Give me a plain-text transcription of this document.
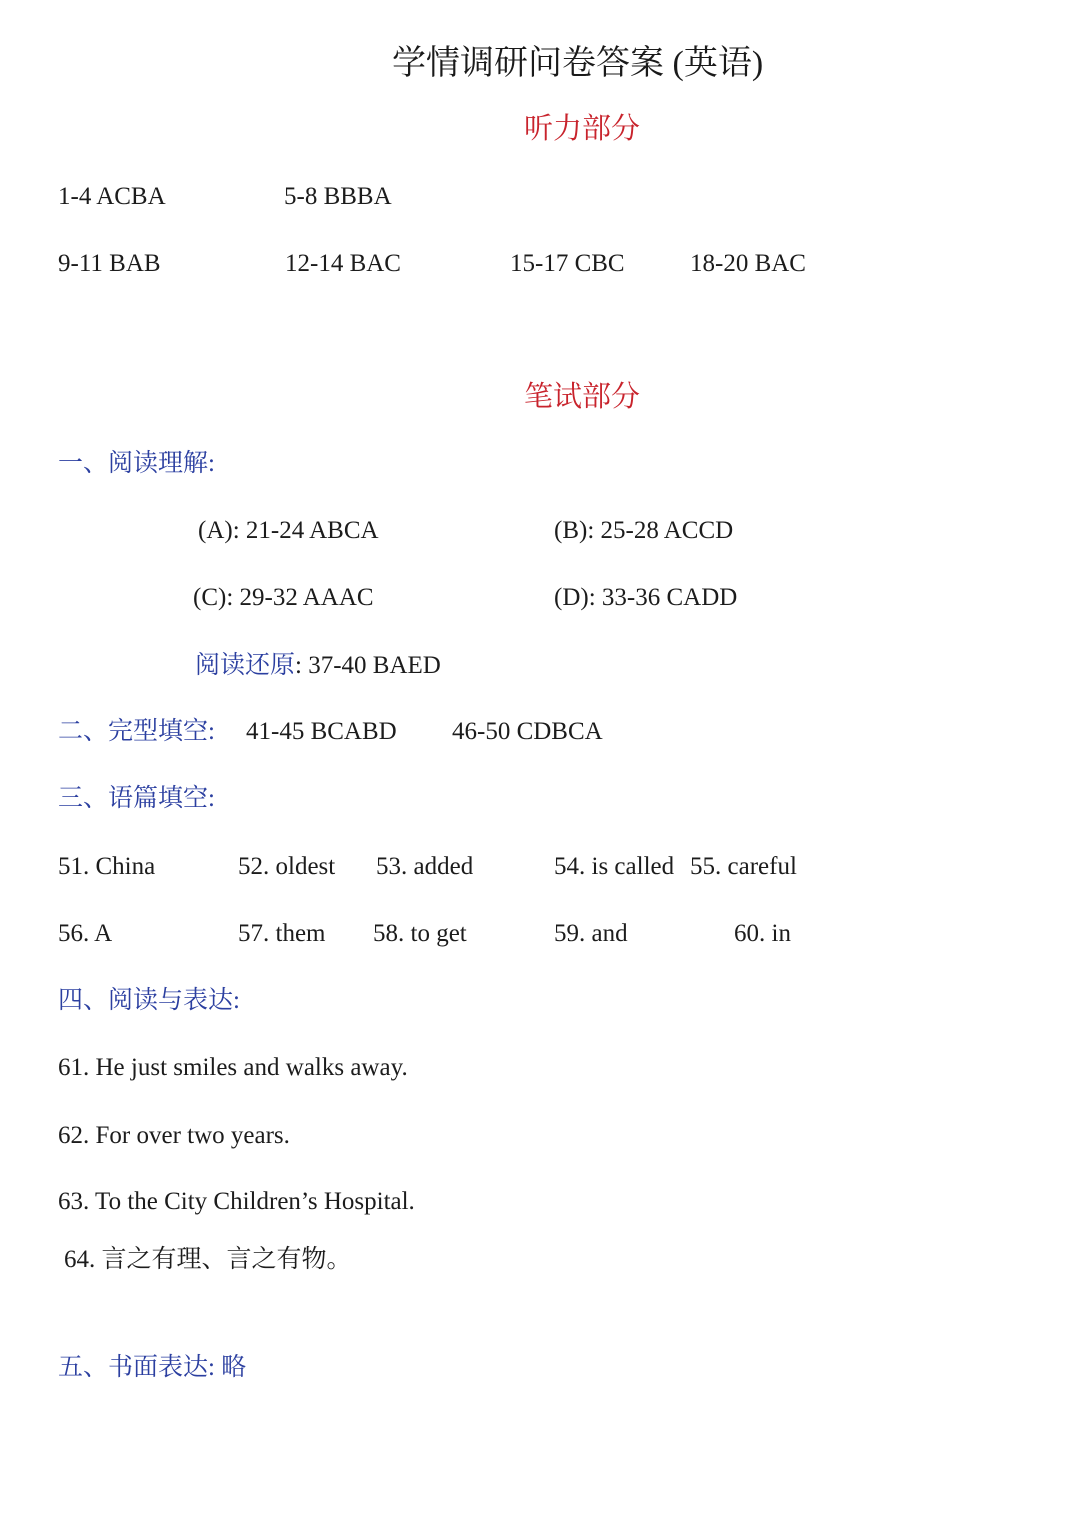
学情调研问卷答案 (英语)
听力部分
1-4 ACBA	5-8 BBBA
9-11 BAB	12-14 BAC	15-17 CBC	18-20 BAC
笔试部分
一、阅读理解:
(A): 21-24 ABCA	(B): 25-28 ACCD
(C): 29-32 AAAC	(D): 33-36 CADD
阅读还原: 37-40 BAED
二、完型填空: 41-45 BCABD 46-50 CDBCA
三、语篇填空:
51. China	52. oldest 53. added	54. is called 55. careful
56. A	57. them 58. to get	59. and	60. in
四、阅读与表达:
61. He just smiles and walks away.
62. For over two years.
63. To the City Children’s Hospital.
64. 言之有理、言之有物。
五、书面表达: 略
